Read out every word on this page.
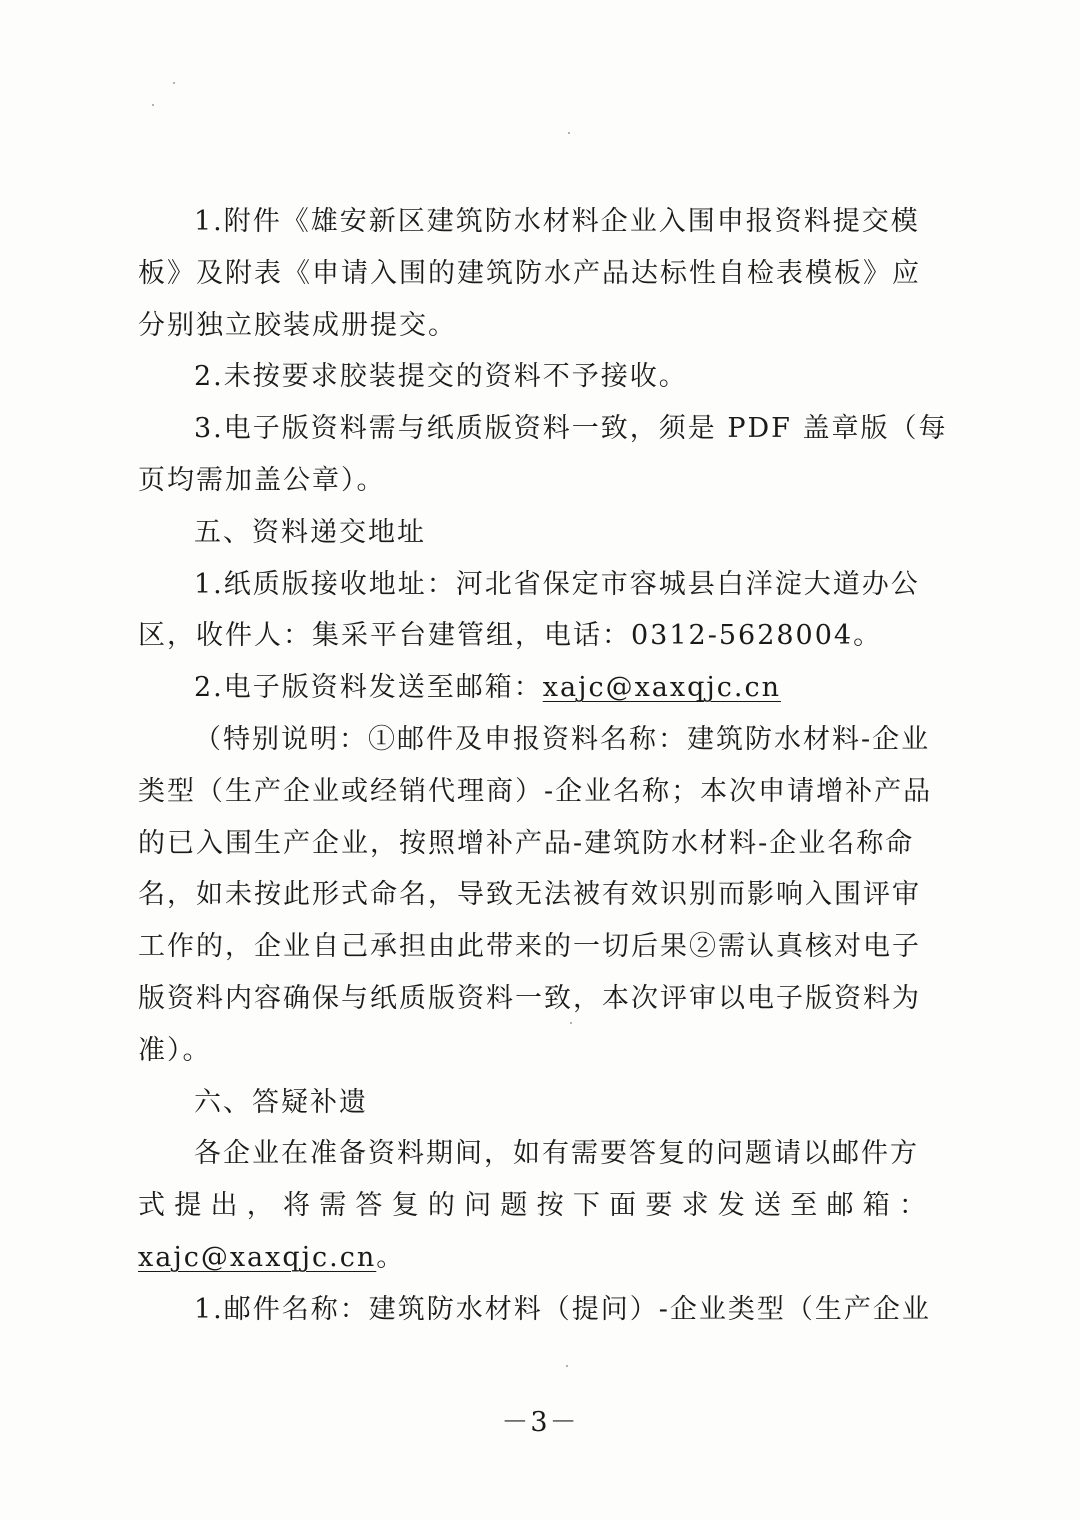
1.附件《雄安新区建筑防水材料企业入围申报资料提交模
板》及附表《申请入围的建筑防水产品达标性自检表模板》应
分别独立胶装成册提交。
2.未按要求胶装提交的资料不予接收。
3.电子版资料需与纸质版资料一致，须是 PDF 盖章版（每
页均需加盖公章）。
五、资料递交地址
1.纸质版接收地址：河北省保定市容城县白洋淀大道办公
区，收件人：集采平台建管组，电话：0312-5628004。
2.电子版资料发送至邮箱：xajc@xaxqjc.cn
（特别说明：①邮件及申报资料名称：建筑防水材料-企业
类型（生产企业或经销代理商）-企业名称；本次申请增补产品
的已入围生产企业，按照增补产品-建筑防水材料-企业名称命
名，如未按此形式命名，导致无法被有效识别而影响入围评审
工作的，企业自己承担由此带来的一切后果②需认真核对电子
版资料内容确保与纸质版资料一致，本次评审以电子版资料为
准）。
六、答疑补遗
各企业在准备资料期间，如有需要答复的问题请以邮件方
式提出，将需答复的问题按下面要求发送至邮箱：
xajc@xaxqjc.cn。
1.邮件名称：建筑防水材料（提问）-企业类型（生产企业
－3－
